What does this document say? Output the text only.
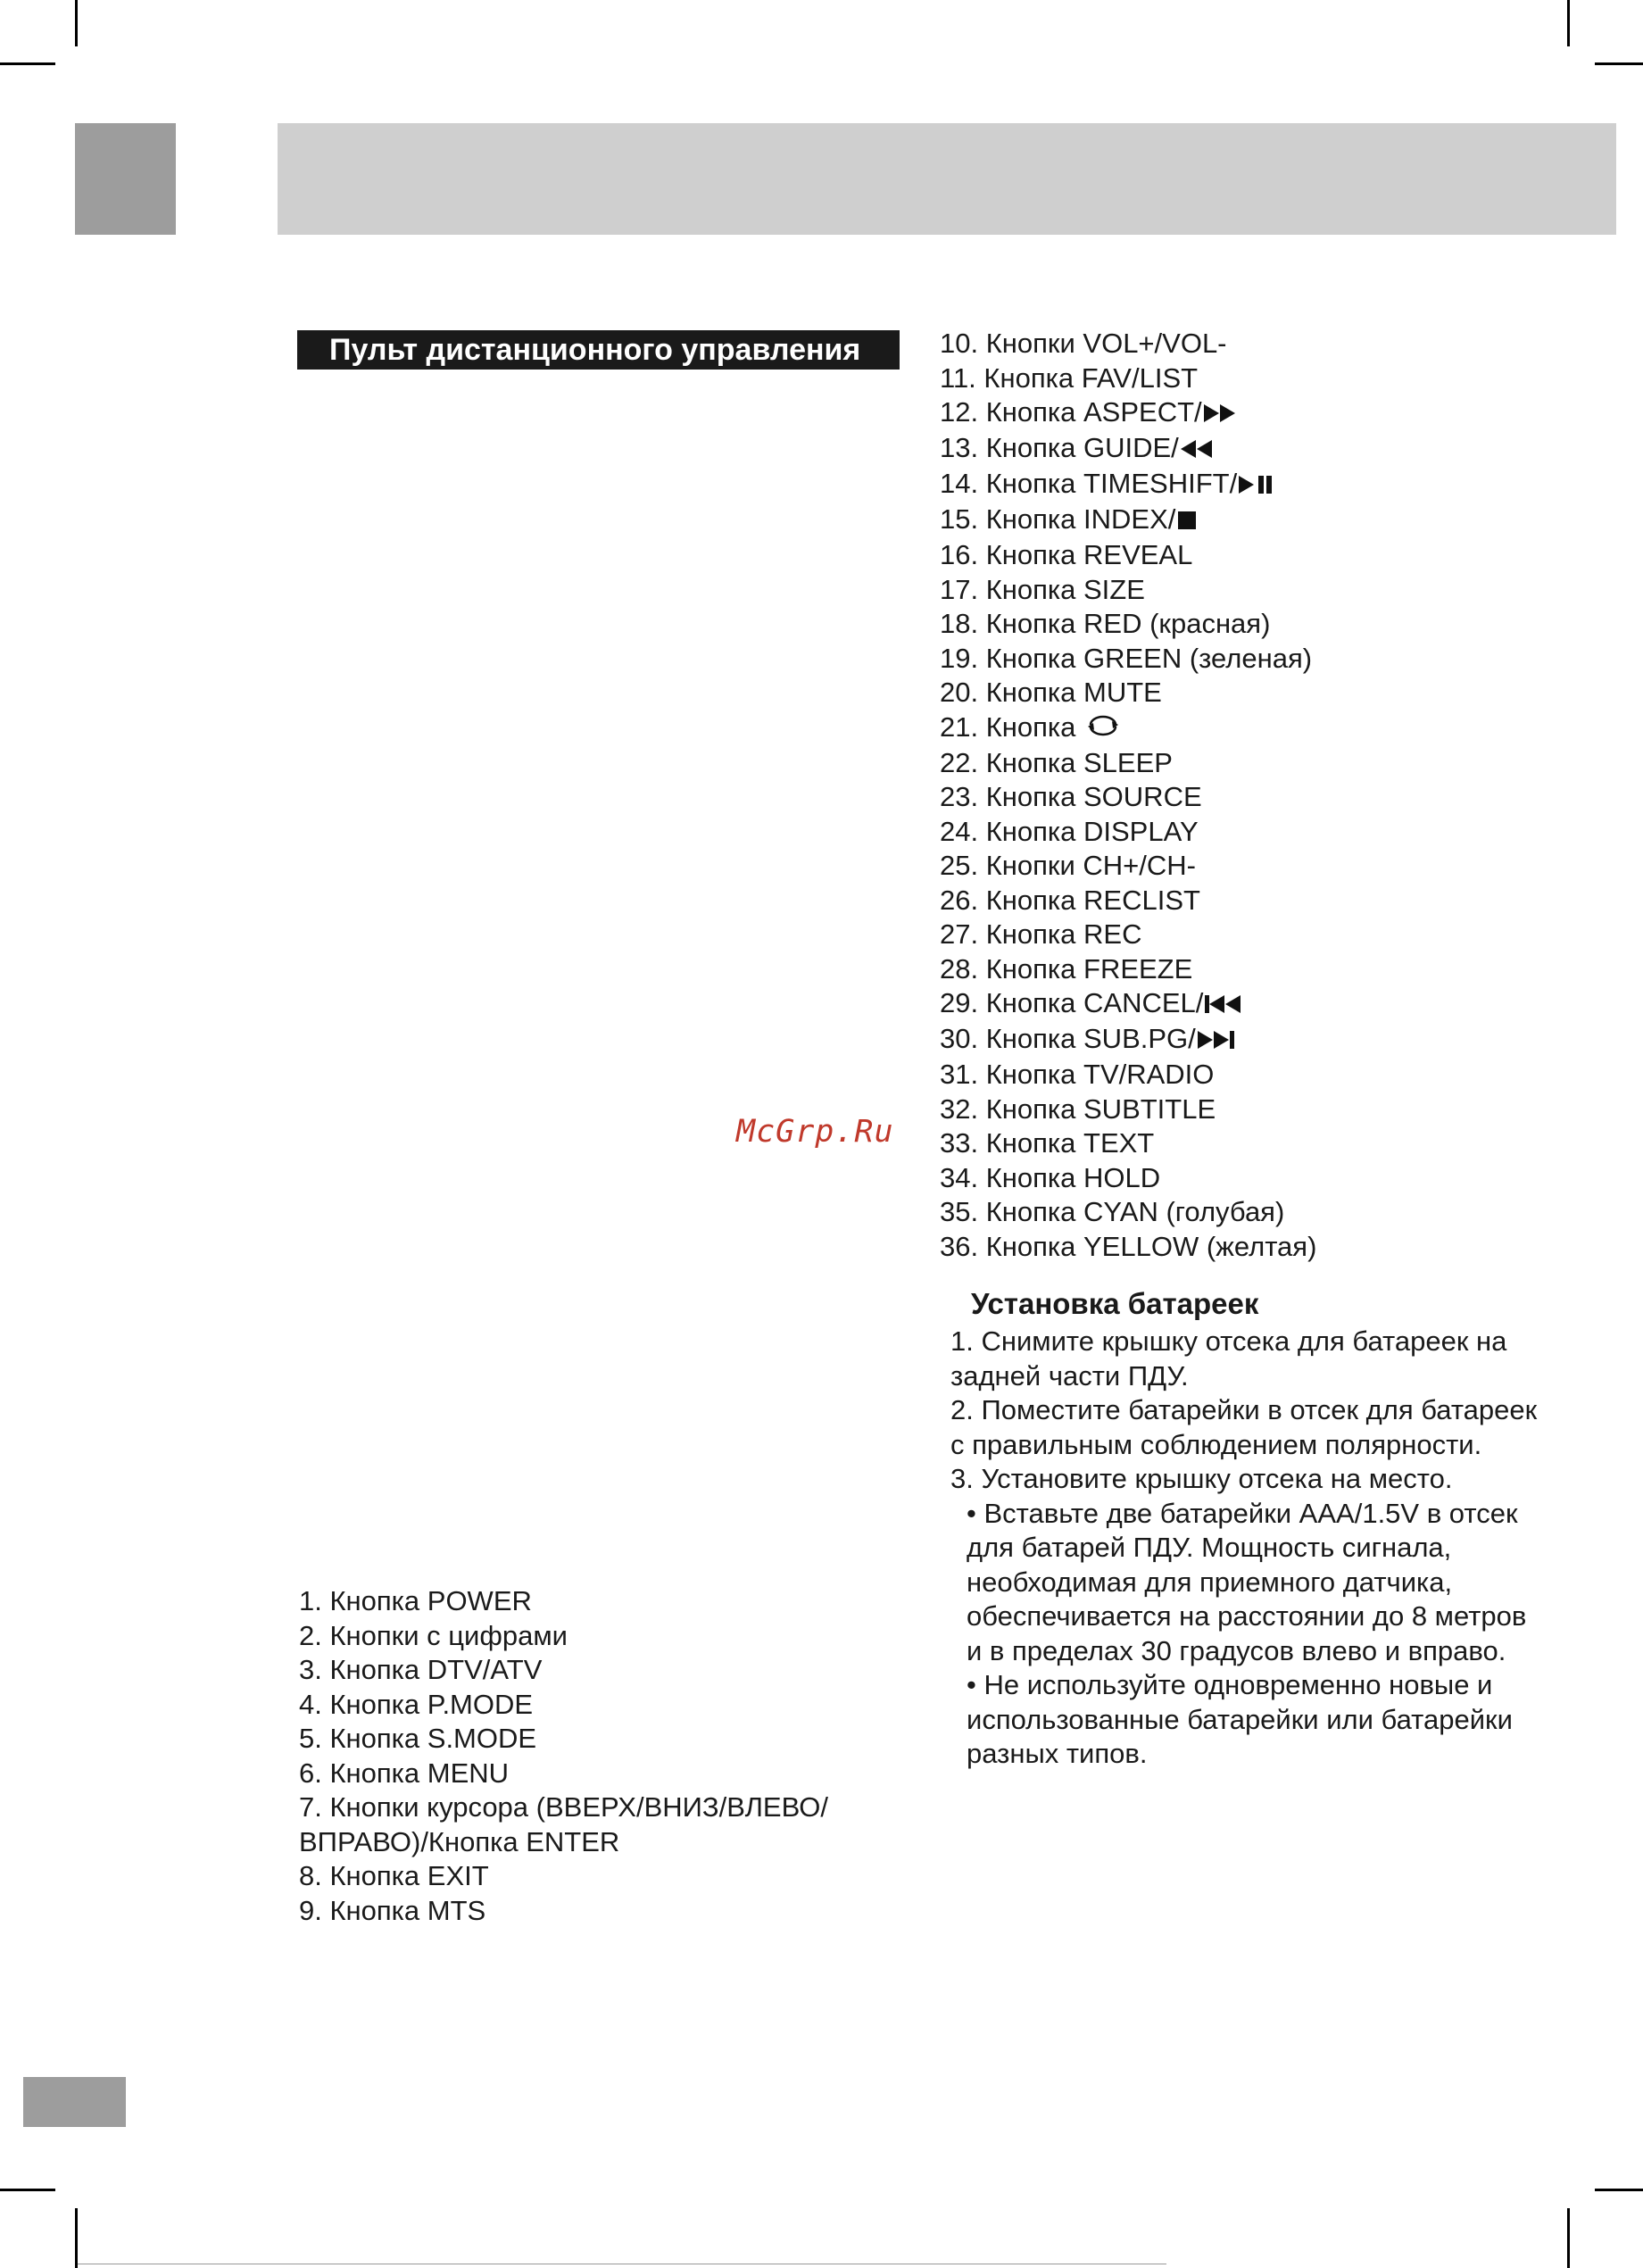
Пульт дистанционного управления
1. Кнопка POWER
2. Кнопки с цифрами
3. Кнопка DTV/ATV
4. Кнопка P.MODE
5. Кнопка S.MODE
6. Кнопка MENU
7. Кнопки курсора (ВВЕРХ/ВНИЗ/ВЛЕВО/ВПРАВО)/Кнопка ENTER
8. Кнопка EXIT
9. Кнопка MTS
10. Кнопки VOL+/VOL-
11. Кнопка FAV/LIST
12. Кнопка ASPECT/
13. Кнопка GUIDE/
14. Кнопка TIMESHIFT/
15. Кнопка INDEX/
16. Кнопка REVEAL
17. Кнопка SIZE
18. Кнопка RED (красная)
19. Кнопка GREEN (зеленая)
20. Кнопка MUTE
21. Кнопка
22. Кнопка SLEEP
23. Кнопка SOURCE
24. Кнопка DISPLAY
25. Кнопки CH+/CH-
26. Кнопка RECLIST
27. Кнопка REC
28. Кнопка FREEZE
29. Кнопка CANCEL/
30. Кнопка SUB.PG/
31. Кнопка TV/RADIO
32. Кнопка SUBTITLE
33. Кнопка TEXT
34. Кнопка HOLD
35. Кнопка CYAN (голубая)
36. Кнопка YELLOW (желтая)
McGrp.Ru
Установка батареек

1. Снимите крышку отсека для батареек на задней части ПДУ.

2. Поместите батарейки в отсек для батареек с правильным соблюдением полярности.

3. Установите крышку отсека на место.

• Вставьте две батарейки AAA/1.5V в отсек для батарей ПДУ. Мощность сигнала, необходимая для приемного датчика, обеспечивается на расстоянии до 8 метров и в пределах 30 градусов влево и вправо.

• Не используйте одновременно новые и использованные батарейки или батарейки разных типов.
